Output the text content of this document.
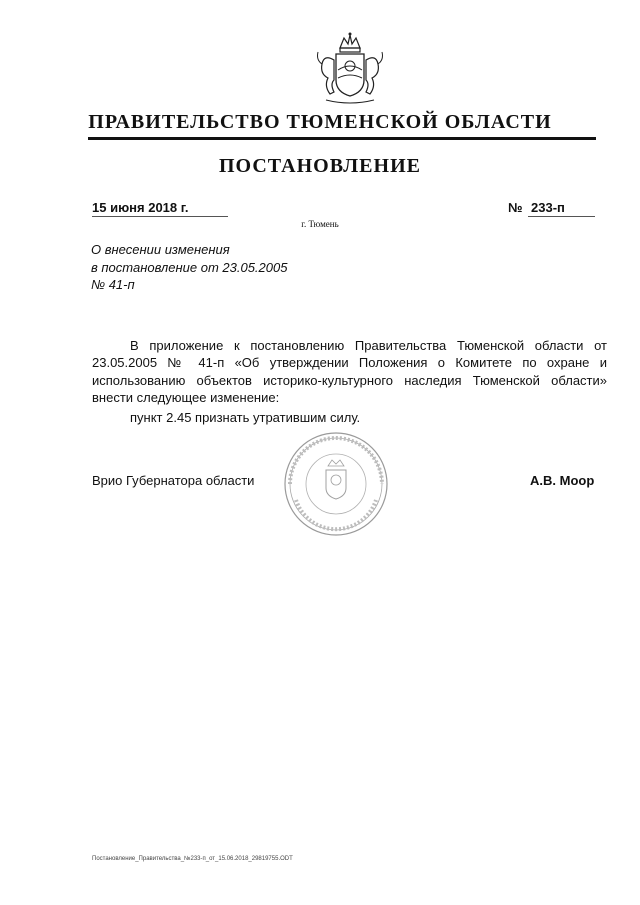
ПРАВИТЕЛЬСТВО ТЮМЕНСКОЙ ОБЛАСТИ
ПОСТАНОВЛЕНИЕ
15 июня 2018 г.	№ 233-п
г. Тюмень
О внесении изменения
в постановление от 23.05.2005
№ 41-п
В приложение к постановлению Правительства Тюменской области от 23.05.2005 № 41-п «Об утверждении Положения о Комитете по охране и использованию объектов историко-культурного наследия Тюменской области» внести следующее изменение:
пункт 2.45 признать утратившим силу.
Врио Губернатора области	А.В. Моор
Постановление_Правительства_№233-п_от_15.06.2018_29819755.ODT
